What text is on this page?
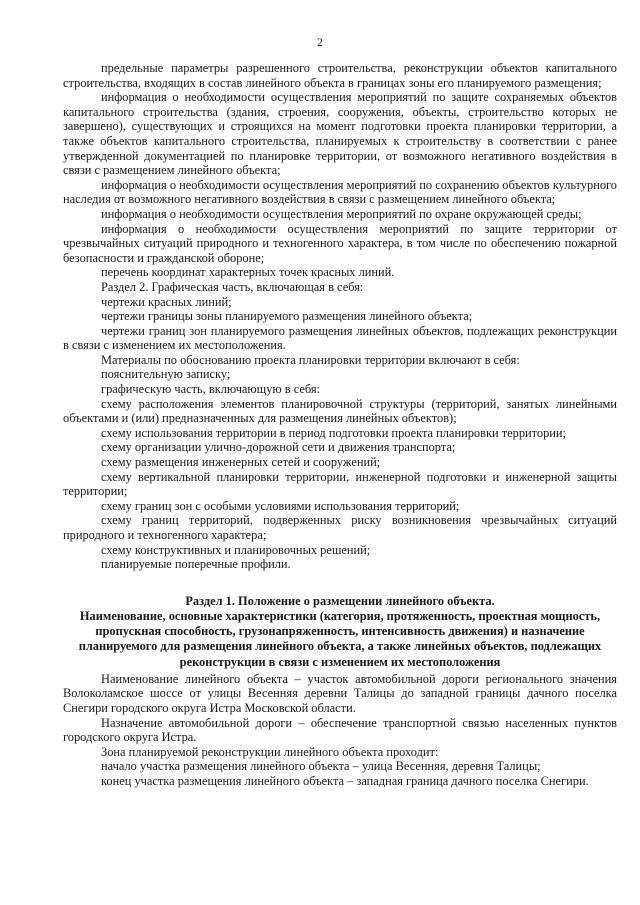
2

предельные параметры разрешенного строительства, реконструкции объектов капитального строительства, входящих в состав линейного объекта в границах зоны его планируемого размещения;

информация о необходимости осуществления мероприятий по защите сохраняемых объектов капитального строительства (здания, строения, сооружения, объекты, строительство которых не завершено), существующих и строящихся на момент подготовки проекта планировки территории, а также объектов капитального строительства, планируемых к строительству в соответствии с ранее утвержденной документацией по планировке территории, от возможного негативного воздействия в связи с размещением линейного объекта;

информация о необходимости осуществления мероприятий по сохранению объектов культурного наследия от возможного негативного воздействия в связи с размещением линейного объекта;

информация о необходимости осуществления мероприятий по охране окружающей среды;

информация о необходимости осуществления мероприятий по защите территории от чрезвычайных ситуаций природного и техногенного характера, в том числе по обеспечению пожарной безопасности и гражданской обороне;

перечень координат характерных точек красных линий.

Раздел 2. Графическая часть, включающая в себя:

чертежи красных линий;

чертежи границы зоны планируемого размещения линейного объекта;

чертежи границ зон планируемого размещения линейных объектов, подлежащих реконструкции в связи с изменением их местоположения.

Материалы по обоснованию проекта планировки территории включают в себя:

пояснительную записку;

графическую часть, включающую в себя:

схему расположения элементов планировочной структуры (территорий, занятых линейными объектами и (или) предназначенных для размещения линейных объектов);

схему использования территории в период подготовки проекта планировки территории;

схему организации улично-дорожной сети и движения транспорта;

схему размещения инженерных сетей и сооружений;

схему вертикальной планировки территории, инженерной подготовки и инженерной защиты территории;

схему границ зон с особыми условиями использования территорий;

схему границ территорий, подверженных риску возникновения чрезвычайных ситуаций природного и техногенного характера;

схему конструктивных и планировочных решений;

планируемые поперечные профили.

Раздел 1. Положение о размещении линейного объекта.
Наименование, основные характеристики (категория, протяженность, проектная мощность, пропускная способность, грузонапряженность, интенсивность движения) и назначение планируемого для размещения линейного объекта, а также линейных объектов, подлежащих реконструкции в связи с изменением их местоположения

Наименование линейного объекта – участок автомобильной дороги регионального значения Волоколамское шоссе от улицы Весенняя деревни Талицы до западной границы дачного поселка Снегири городского округа Истра Московской области.

Назначение автомобильной дороги – обеспечение транспортной связью населенных пунктов городского округа Истра.

Зона планируемой реконструкции линейного объекта проходит:

начало участка размещения линейного объекта – улица Весенняя, деревня Талицы;

конец участка размещения линейного объекта – западная граница дачного поселка Снегири.
